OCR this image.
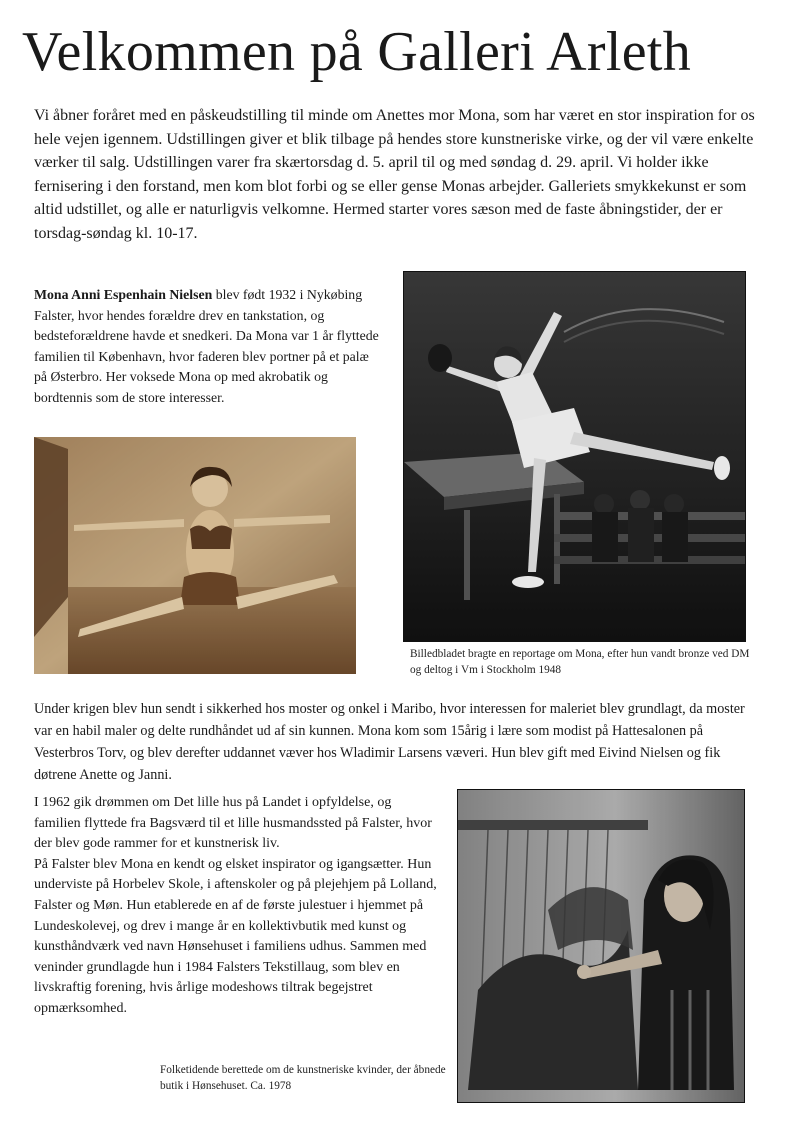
Velkommen på Galleri Arleth

Vi åbner foråret med en påskeudstilling til minde om Anettes mor Mona, som har været en stor inspiration for os hele vejen igennem. Udstillingen giver et blik tilbage på hendes store kunstneriske virke, og der vil være enkelte værker til salg. Udstillingen varer fra skærtorsdag d. 5. april til og med søndag d. 29. april. Vi holder ikke fernisering i den forstand, men kom blot forbi og se eller gense Monas arbejder. Galleriets smykkekunst er som altid udstillet, og alle er naturligvis velkomne. Hermed starter vores sæson med de faste åbningstider, der er torsdag-søndag kl. 10-17.

Mona Anni Espenhain Nielsen blev født 1932 i Nykøbing Falster, hvor hendes forældre drev en tankstation, og bedsteforældrene havde et snedkeri. Da Mona var 1 år flyttede familien til København, hvor faderen blev portner på et palæ på Østerbro. Her voksede Mona op med akrobatik og bordtennis som de store interesser.

Billedbladet bragte en reportage om Mona, efter hun vandt bronze ved DM og deltog i Vm i Stockholm 1948

Under krigen blev hun sendt i sikkerhed hos moster og onkel i Maribo, hvor interessen for maleriet blev grundlagt, da moster var en habil maler og delte rundhåndet ud af sin kunnen. Mona kom som 15årig i lære som modist på Hattesalonen på Vesterbros Torv, og blev derefter uddannet væver hos Wladimir Larsens væveri. Hun blev gift med Eivind Nielsen og fik døtrene Anette og Janni.

I 1962 gik drømmen om Det lille hus på Landet i opfyldelse, og familien flyttede fra Bagsværd til et lille husmandssted på Falster, hvor der blev gode rammer for et kunstnerisk liv.
På Falster blev Mona en kendt og elsket inspirator og igangsætter. Hun underviste på Horbelev Skole, i aftenskoler og på plejehjem på Lolland, Falster og Møn. Hun etablerede en af de første julestuer i hjemmet på Lundeskolevej, og drev i mange år en kollektivbutik med kunst og kunsthåndværk ved navn Hønsehuset i familiens udhus. Sammen med veninder grundlagde hun i 1984 Falsters Tekstillaug, som blev en livskraftig forening, hvis årlige modeshows tiltrak begejstret opmærksomhed.

Folketidende berettede om de kunstneriske kvinder, der åbnede butik i Hønsehuset. Ca. 1978
